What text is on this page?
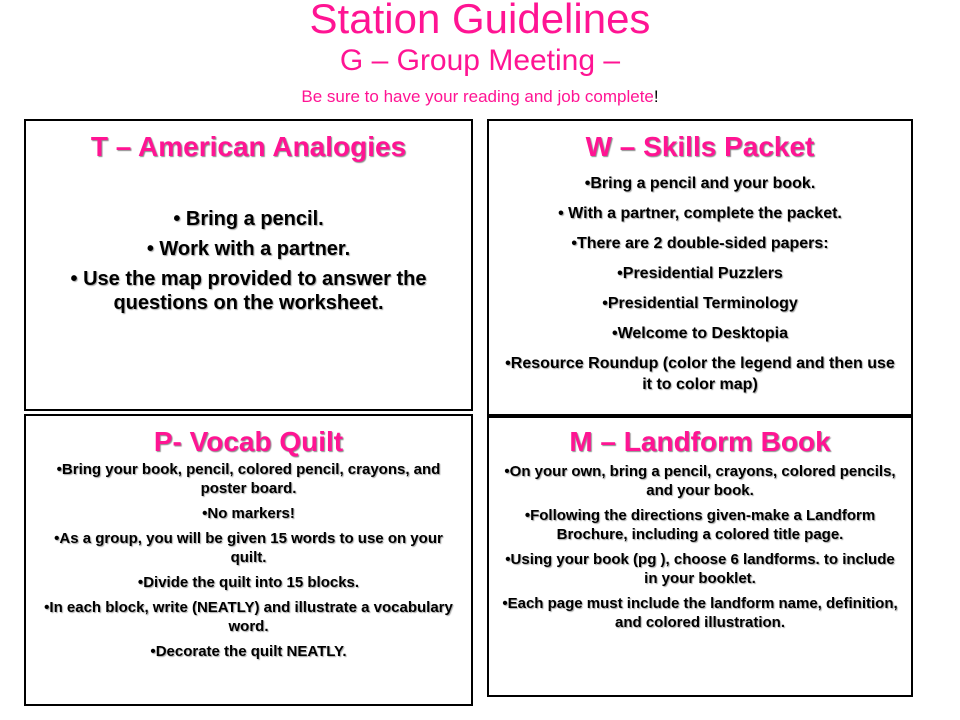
Station Guidelines
G – Group Meeting –
Be sure to have your reading and job complete!
T – American Analogies
• Bring a pencil.
• Work with a partner.
• Use the map provided to answer the questions on the worksheet.
W – Skills Packet
• Bring a pencil and your book.
• With a partner, complete the packet.
• There are 2 double-sided papers:
• Presidential Puzzlers
• Presidential Terminology
• Welcome to Desktopia
• Resource Roundup (color the legend and then use it to color map)
P- Vocab Quilt
• Bring your book, pencil, colored pencil, crayons, and poster board.
• No markers!
• As a group, you will be given 15 words to use on your quilt.
• Divide the quilt into 15 blocks.
• In each block, write (NEATLY) and illustrate a vocabulary word.
• Decorate the quilt NEATLY.
M – Landform Book
• On your own, bring a pencil, crayons, colored pencils, and your book.
• Following the directions given-make a Landform Brochure, including a colored title page.
• Using your book (pg ), choose 6 landforms. to include in your booklet.
• Each page must include the landform name, definition, and colored illustration.
